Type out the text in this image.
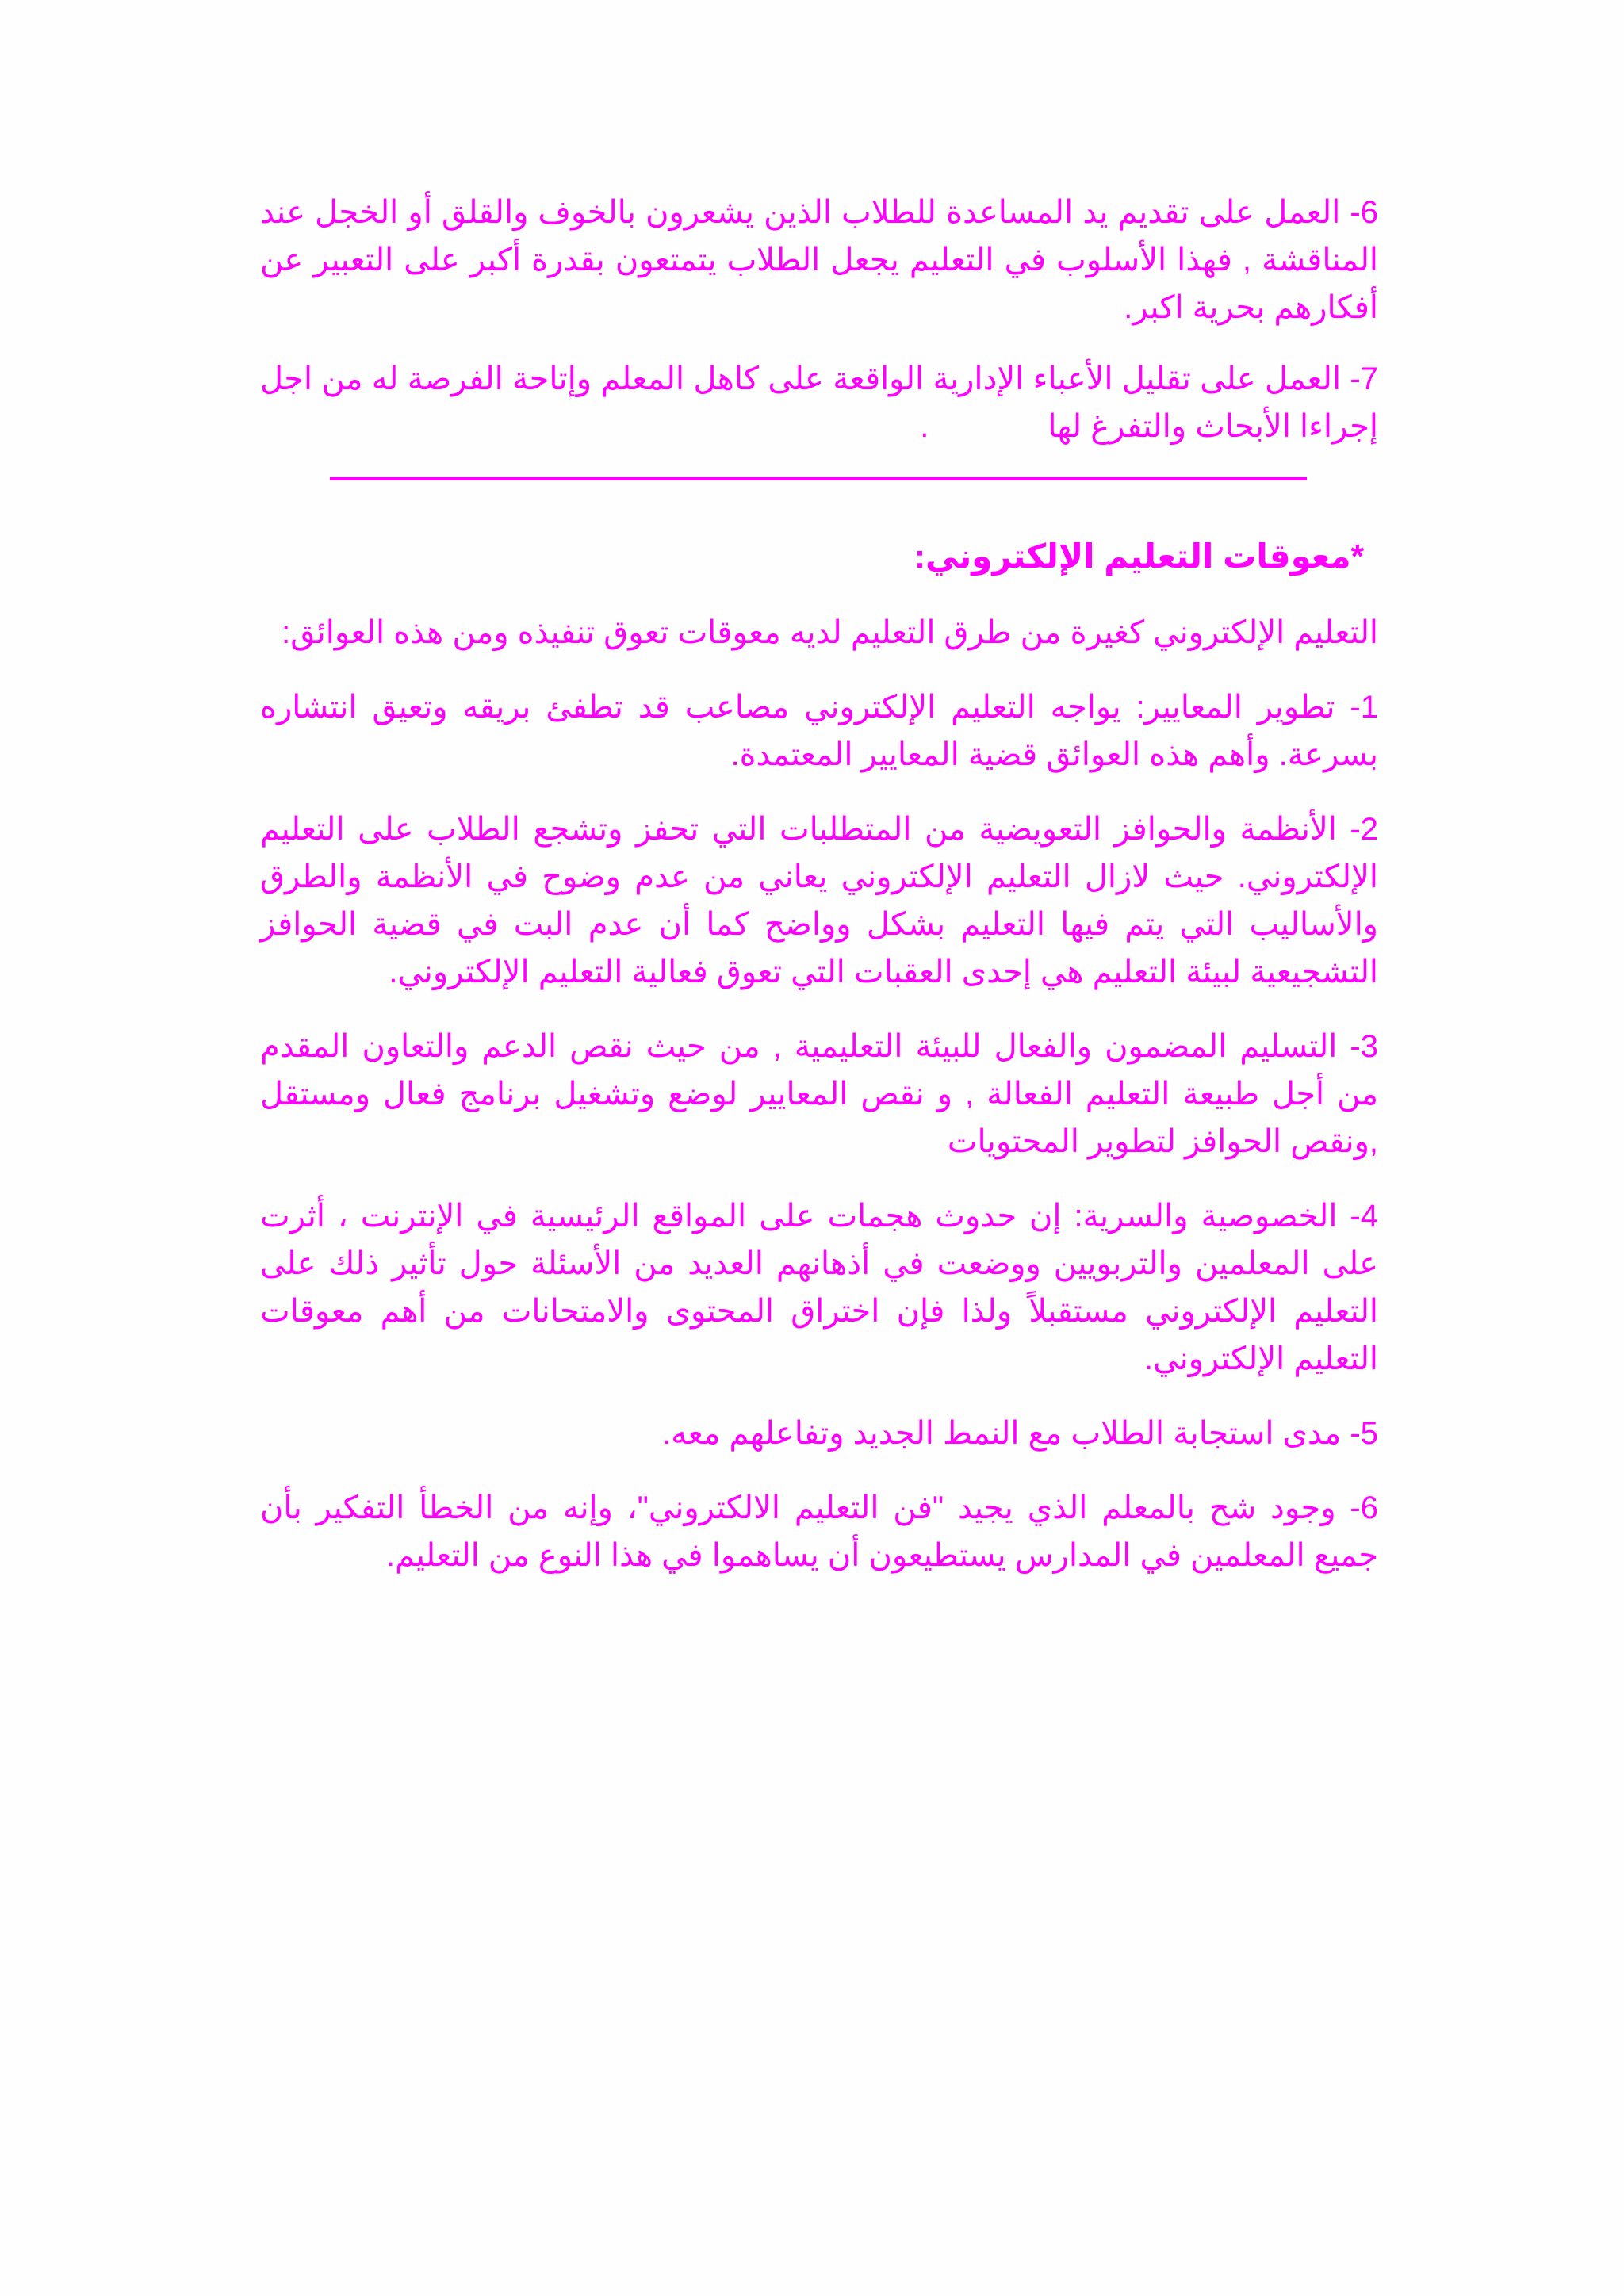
6- العمل على تقديم يد المساعدة للطلاب الذين يشعرون بالخوف والقلق أو الخجل عند المناقشة , فهذا الأسلوب في التعليم يجعل الطلاب يتمتعون بقدرة أكبر على التعبير عن أفكارهم بحرية اكبر.

7- العمل على تقليل الأعباء الإدارية الواقعة على كاهل المعلم وإتاحة الفرصة له من اجل إجراءا الأبحاث والتفرغ لها.

*معوقات التعليم الإلكتروني:

التعليم الإلكتروني كغيرة من طرق التعليم لديه معوقات تعوق تنفيذه ومن هذه العوائق:

1- تطوير المعايير: يواجه التعليم الإلكتروني مصاعب قد تطفئ بريقه وتعيق انتشاره بسرعة. وأهم هذه العوائق قضية المعايير المعتمدة.

2- الأنظمة والحوافز التعويضية من المتطلبات التي تحفز وتشجع الطلاب على التعليم الإلكتروني. حيث لازال التعليم الإلكتروني يعاني من عدم وضوح في الأنظمة والطرق والأساليب التي يتم فيها التعليم بشكل وواضح كما أن عدم البت في قضية الحوافز التشجيعية لبيئة التعليم هي إحدى العقبات التي تعوق فعالية التعليم الإلكتروني.

3- التسليم المضمون والفعال للبيئة التعليمية , من حيث نقص الدعم والتعاون المقدم من أجل طبيعة التعليم الفعالة , و نقص المعايير لوضع وتشغيل برنامج فعال ومستقل ,ونقص الحوافز لتطوير المحتويات

4- الخصوصية والسرية: إن حدوث هجمات على المواقع الرئيسية في الإنترنت ، أثرت على المعلمين والتربويين ووضعت في أذهانهم العديد من الأسئلة حول تأثير ذلك على التعليم الإلكتروني مستقبلاً ولذا فإن اختراق المحتوى والامتحانات من أهم معوقات التعليم الإلكتروني.

5- مدى استجابة الطلاب مع النمط الجديد وتفاعلهم معه.

6- وجود شح بالمعلم الذي يجيد "فن التعليم الالكتروني"، وإنه من الخطأ التفكير بأن جميع المعلمين في المدارس يستطيعون أن يساهموا في هذا النوع من التعليم.
